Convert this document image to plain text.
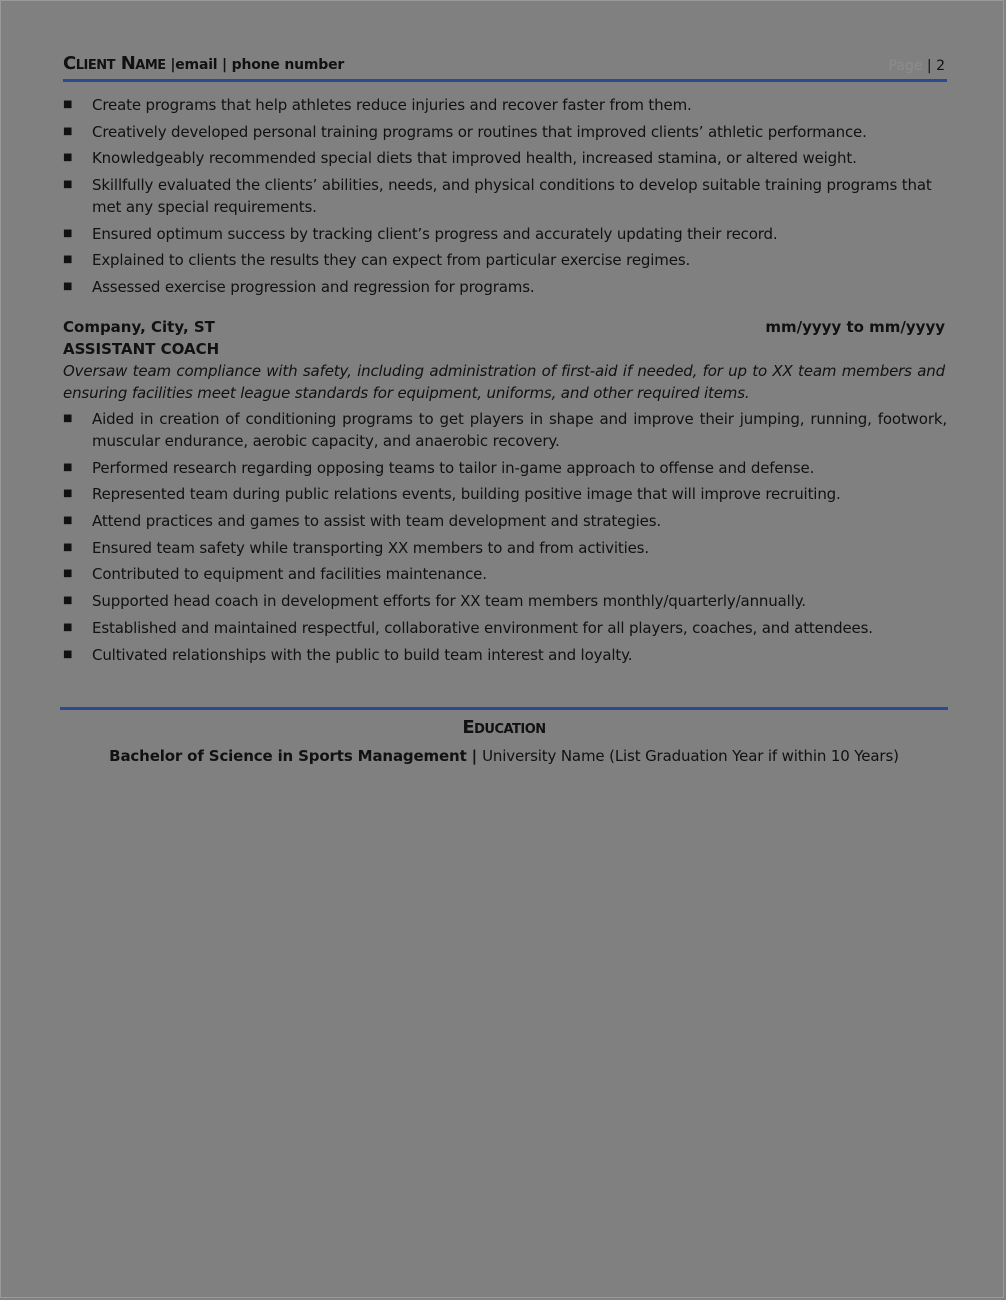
Client Name |email | phone number	Page | 2
■ Create programs that help athletes reduce injuries and recover faster from them.
■ Creatively developed personal training programs or routines that improved clients’ athletic performance.
■ Knowledgeably recommended special diets that improved health, increased stamina, or altered weight.
■ Skillfully evaluated the clients’ abilities, needs, and physical conditions to develop suitable training programs that met any special requirements.
■ Ensured optimum success by tracking client’s progress and accurately updating their record.
■ Explained to clients the results they can expect from particular exercise regimes.
■ Assessed exercise progression and regression for programs.
Company, City, ST	mm/yyyy to mm/yyyy
ASSISTANT COACH
Oversaw team compliance with safety, including administration of first-aid if needed, for up to XX team members and ensuring facilities meet league standards for equipment, uniforms, and other required items.
■ Aided in creation of conditioning programs to get players in shape and improve their jumping, running, footwork, muscular endurance, aerobic capacity, and anaerobic recovery.
■ Performed research regarding opposing teams to tailor in-game approach to offense and defense.
■ Represented team during public relations events, building positive image that will improve recruiting.
■ Attend practices and games to assist with team development and strategies.
■ Ensured team safety while transporting XX members to and from activities.
■ Contributed to equipment and facilities maintenance.
■ Supported head coach in development efforts for XX team members monthly/quarterly/annually.
■ Established and maintained respectful, collaborative environment for all players, coaches, and attendees.
■ Cultivated relationships with the public to build team interest and loyalty.
Education
Bachelor of Science in Sports Management | University Name (List Graduation Year if within 10 Years)
